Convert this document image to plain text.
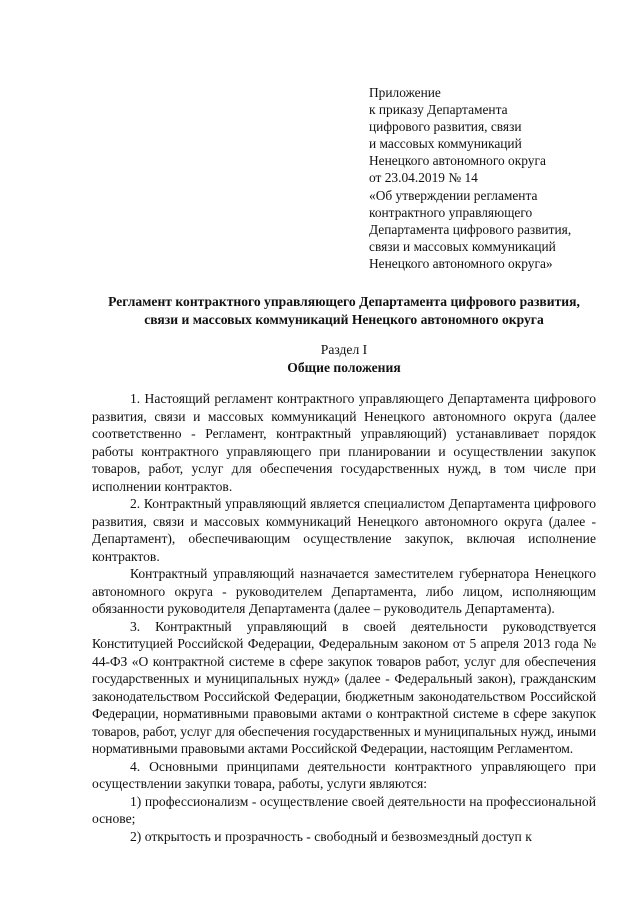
Приложение
к приказу Департамента
цифрового развития, связи
и массовых коммуникаций
Ненецкого автономного округа
от 23.04.2019 № 14
«Об утверждении регламента
контрактного управляющего
Департамента цифрового развития,
связи и массовых коммуникаций
Ненецкого автономного округа»
Регламент контрактного управляющего Департамента цифрового развития,
связи и массовых коммуникаций Ненецкого автономного округа
Раздел I
Общие положения

1. Настоящий регламент контрактного управляющего Департамента цифрового развития, связи и массовых коммуникаций Ненецкого автономного округа (далее соответственно - Регламент, контрактный управляющий) устанавливает порядок работы контрактного управляющего при планировании и осуществлении закупок товаров, работ, услуг для обеспечения государственных нужд, в том числе при исполнении контрактов.

2. Контрактный управляющий является специалистом Департамента цифрового развития, связи и массовых коммуникаций Ненецкого автономного округа (далее - Департамент), обеспечивающим осуществление закупок, включая исполнение контрактов.

Контрактный управляющий назначается заместителем губернатора Ненецкого автономного округа - руководителем Департамента, либо лицом, исполняющим обязанности руководителя Департамента (далее – руководитель Департамента).

3. Контрактный управляющий в своей деятельности руководствуется Конституцией Российской Федерации, Федеральным законом от 5 апреля 2013 года № 44-ФЗ «О контрактной системе в сфере закупок товаров работ, услуг для обеспечения государственных и муниципальных нужд» (далее - Федеральный закон), гражданским законодательством Российской Федерации, бюджетным законодательством Российской Федерации, нормативными правовыми актами о контрактной системе в сфере закупок товаров, работ, услуг для обеспечения государственных и муниципальных нужд, иными нормативными правовыми актами Российской Федерации, настоящим Регламентом.

4. Основными принципами деятельности контрактного управляющего при осуществлении закупки товара, работы, услуги являются:

1) профессионализм - осуществление своей деятельности на профессиональной основе;

2) открытость и прозрачность - свободный и безвозмездный доступ к
